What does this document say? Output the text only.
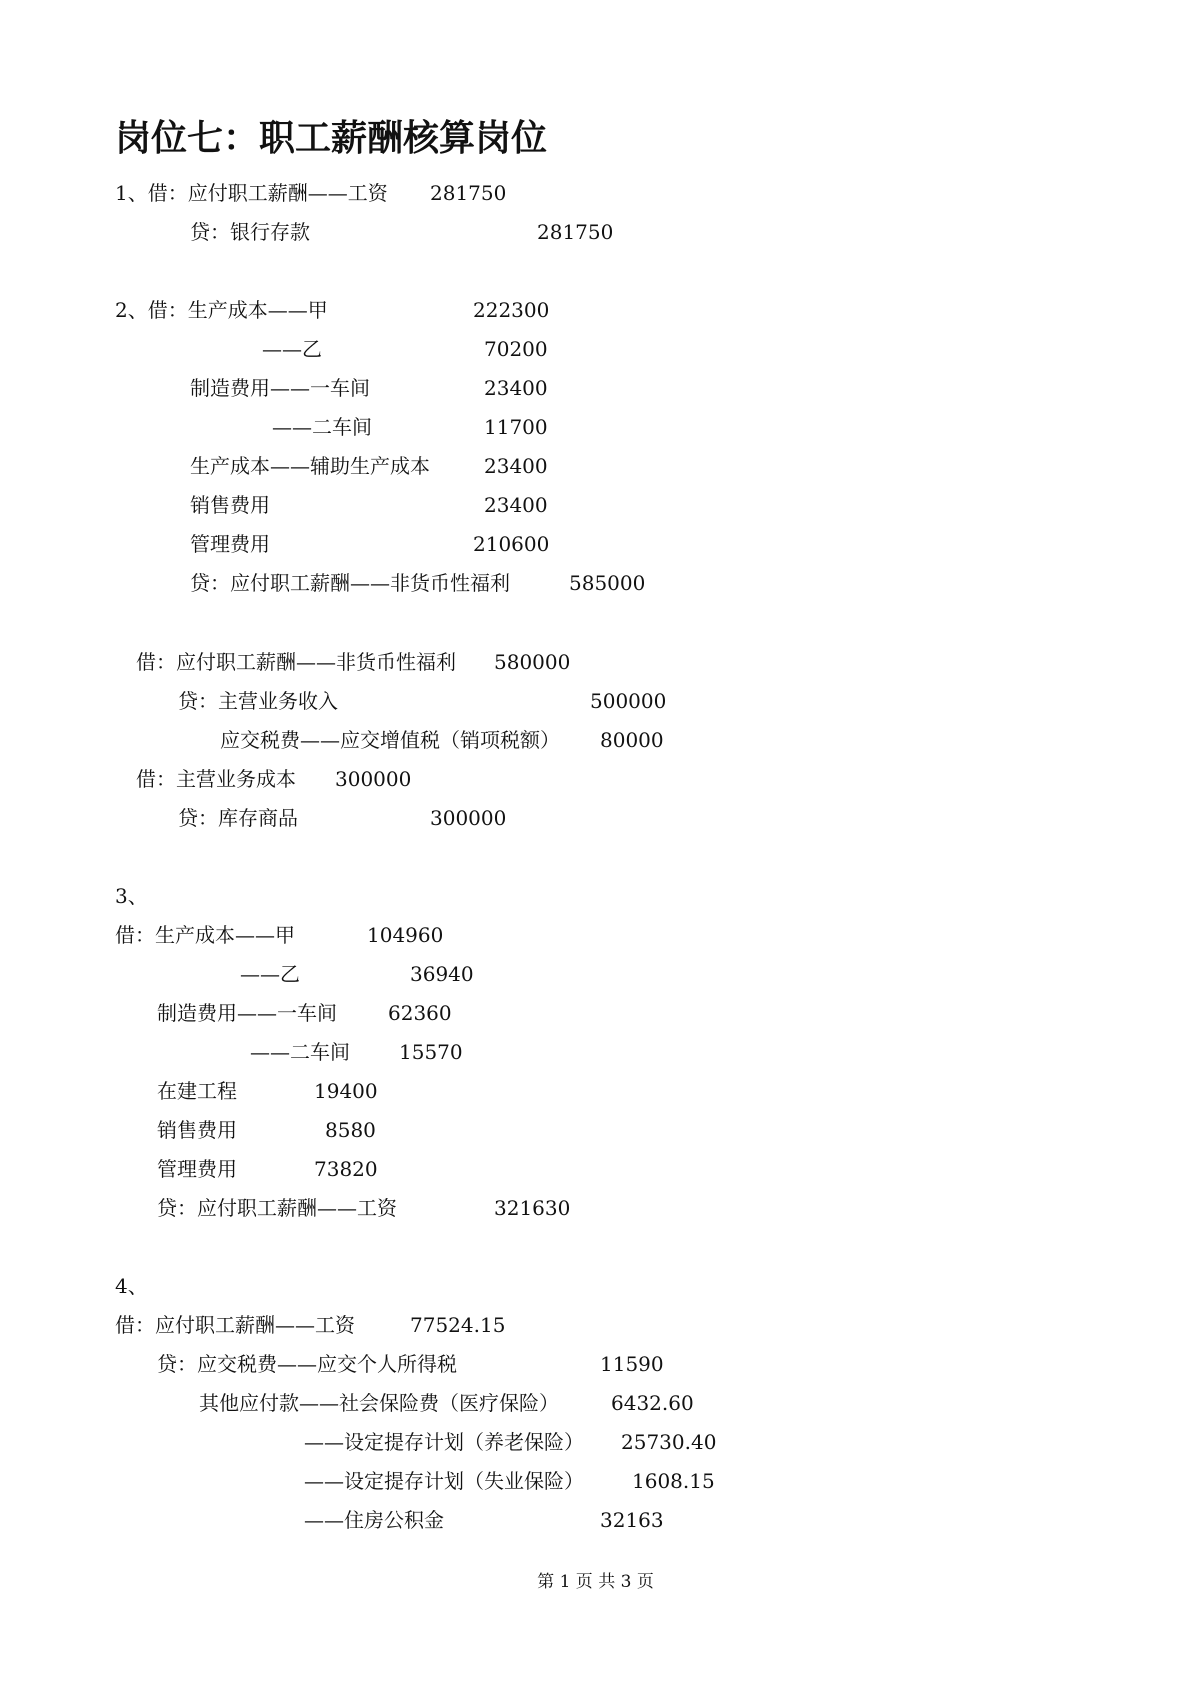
岗位七：职工薪酬核算岗位
1、借：应付职工薪酬——工资 281750
贷：银行存款	281750
2、借：生产成本——甲	222300
——乙	70200
制造费用——一车间	23400
——二车间	11700
生产成本——辅助生产成本	23400
销售费用	23400
管理费用	210600
贷：应付职工薪酬——非货币性福利	585000
借：应付职工薪酬——非货币性福利 580000
贷：主营业务收入	500000
应交税费——应交增值税（销项税额） 80000
借：主营业务成本 300000
贷：库存商品	300000
3、
借：生产成本——甲	104960
——乙	36940
制造费用——一车间	62360
——二车间 15570
在建工程	19400
销售费用	8580
管理费用	73820
贷：应付职工薪酬——工资	321630
4、
借：应付职工薪酬——工资	77524.15
贷：应交税费——应交个人所得税	11590
其他应付款——社会保险费（医疗保险）	6432.60
——设定提存计划（养老保险） 25730.40
——设定提存计划（失业保险） 1608.15
——住房公积金	32163
第 1 页 共 3 页
